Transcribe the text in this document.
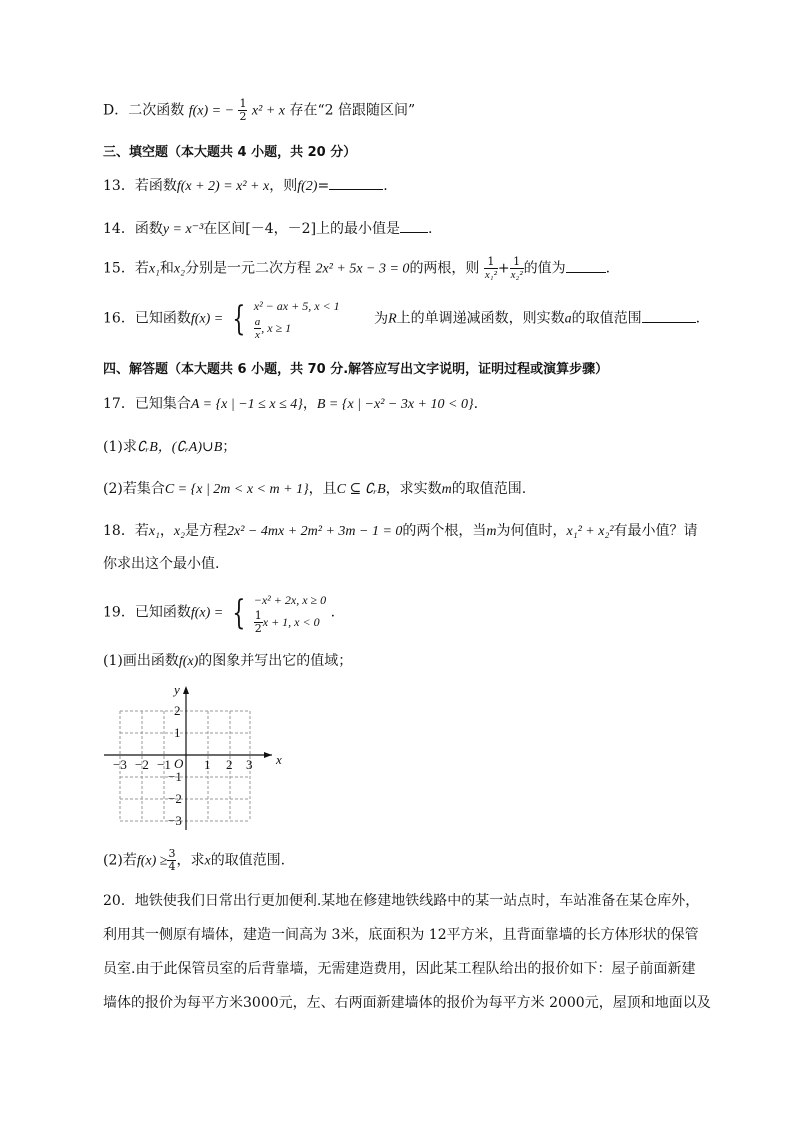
D．二次函数 f(x) = − $\frac{1}{2} x^2 + x$ 存在“2 倍跟随区间”
三、填空题（本大题共 4 小题，共 20 分）
13．若函数f(x + 2) = x² + x，则f(2)=	.
14．函数y = x⁻³在区间[－4，－2]上的最小值是 .
15．若x₁和x₂分别是一元二次方程 2x² + 5x − 3 = 0的两根，则 $\frac{1}{\text{x₁²}} + \frac{1}{\text{x₂²}}$ 的值为	.
16．已知函数f(x) = { x² − ax + 5, x < 1
$\frac{a}{x}$ , x ≥ 1
为R上的单调递减函数，则实数a的取值范围	.
四、解答题（本大题共 6 小题，共 70 分.解答应写出文字说明，证明过程或演算步骤）
17．已知集合A = {x | −1 ≤ x ≤ 4}，B = {x | −x² − 3x + 10 < 0}.
(1)求∁ᵣB，(∁ᵣA)∪B；
(2)若集合C = {x | 2m < x < m + 1}，且C ⊆ ∁ᵣB，求实数m的取值范围.
18．若x₁，x₂是方程2x² − 4mx + 2m² + 3m − 1 = 0的两个根，当m为何值时，x₁² + x₂²有最小值？请
你求出这个最小值.
19．已知函数f(x) = { −x² + 2x, x ≥ 0
$\frac{1}{2}$ x + 1, x < 0
.
(1)画出函数f(x)的图象并写出它的值域；
x
y
O
−3 −2 −1	1 2 3
2
1
−1
−2
−3
(2)若$f(x) \ge \frac{3}{4}$ ，求x的取值范围.
20．地铁使我们日常出行更加便利.某地在修建地铁线路中的某一站点时，车站准备在某仓库外，
利用其一侧原有墙体，建造一间高为 3米，底面积为 12平方米，且背面靠墙的长方体形状的保管
员室.由于此保管员室的后背靠墙，无需建造费用，因此某工程队给出的报价如下：屋子前面新建
墙体的报价为每平方米3000元，左、右两面新建墙体的报价为每平方米 2000元，屋顶和地面以及
